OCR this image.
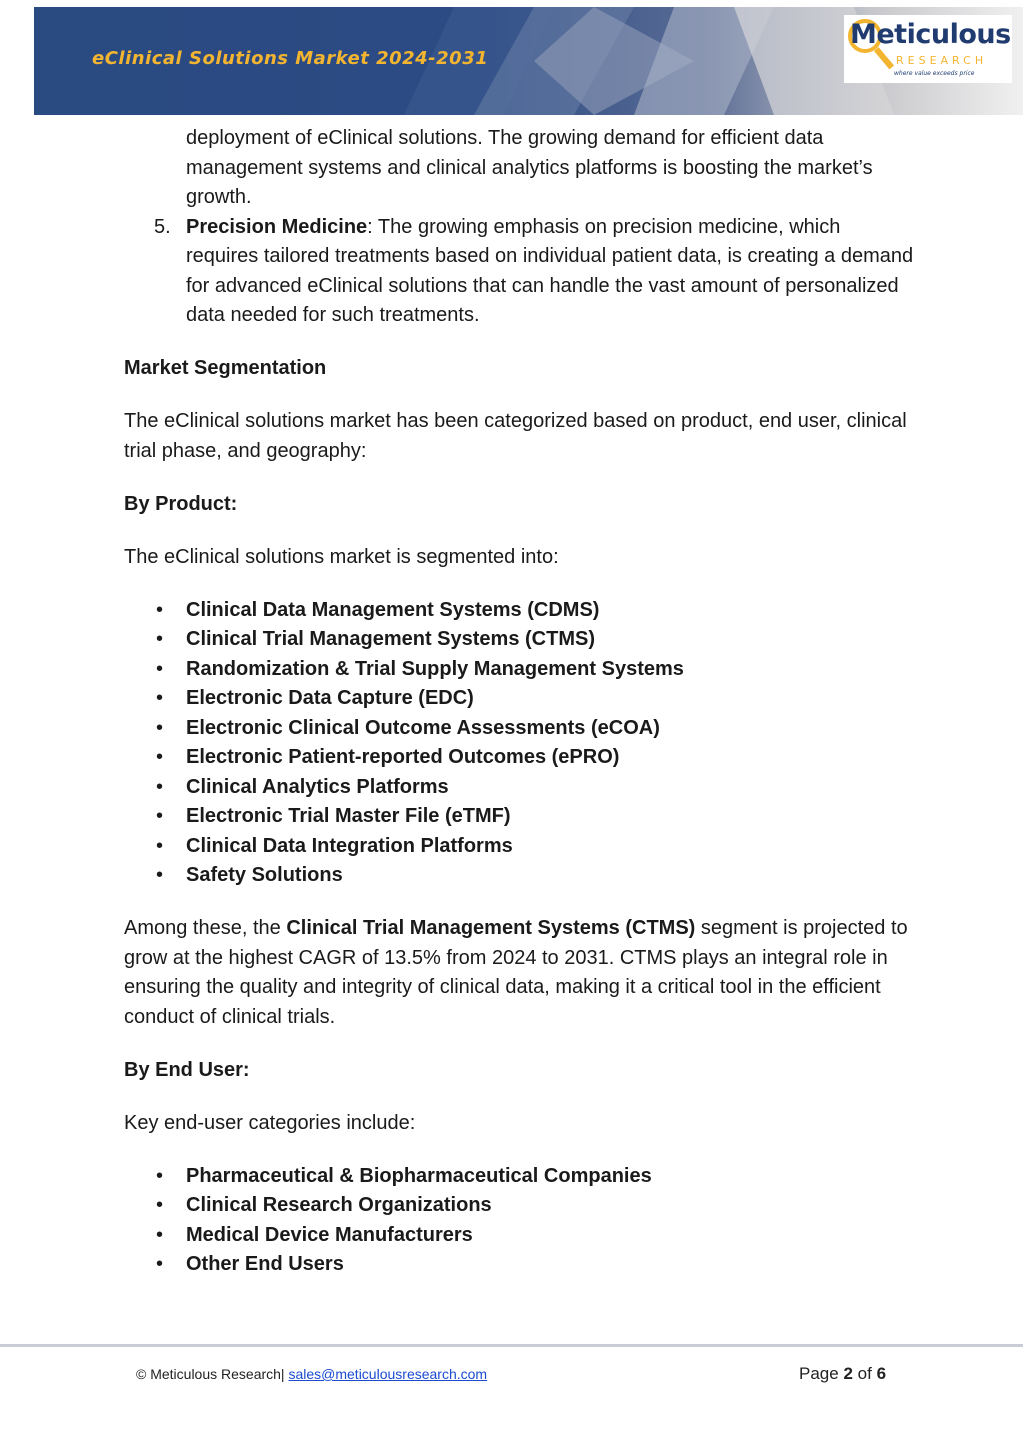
eClinical Solutions Market 2024-2031
Meticulous
RESEARCH
where value exceeds price

deployment of eClinical solutions. The growing demand for efficient data management systems and clinical analytics platforms is boosting the market’s growth.

5. Precision Medicine: The growing emphasis on precision medicine, which requires tailored treatments based on individual patient data, is creating a demand for advanced eClinical solutions that can handle the vast amount of personalized data needed for such treatments.

Market Segmentation

The eClinical solutions market has been categorized based on product, end user, clinical trial phase, and geography:

By Product:

The eClinical solutions market is segmented into:

•	Clinical Data Management Systems (CDMS)
•	Clinical Trial Management Systems (CTMS)
•	Randomization & Trial Supply Management Systems
•	Electronic Data Capture (EDC)
•	Electronic Clinical Outcome Assessments (eCOA)
•	Electronic Patient-reported Outcomes (ePRO)
•	Clinical Analytics Platforms
•	Electronic Trial Master File (eTMF)
•	Clinical Data Integration Platforms
•	Safety Solutions

Among these, the Clinical Trial Management Systems (CTMS) segment is projected to grow at the highest CAGR of 13.5% from 2024 to 2031. CTMS plays an integral role in ensuring the quality and integrity of clinical data, making it a critical tool in the efficient conduct of clinical trials.

By End User:

Key end-user categories include:

•	Pharmaceutical & Biopharmaceutical Companies
•	Clinical Research Organizations
•	Medical Device Manufacturers
•	Other End Users
© Meticulous Research| sales@meticulousresearch.com	Page 2 of 6
